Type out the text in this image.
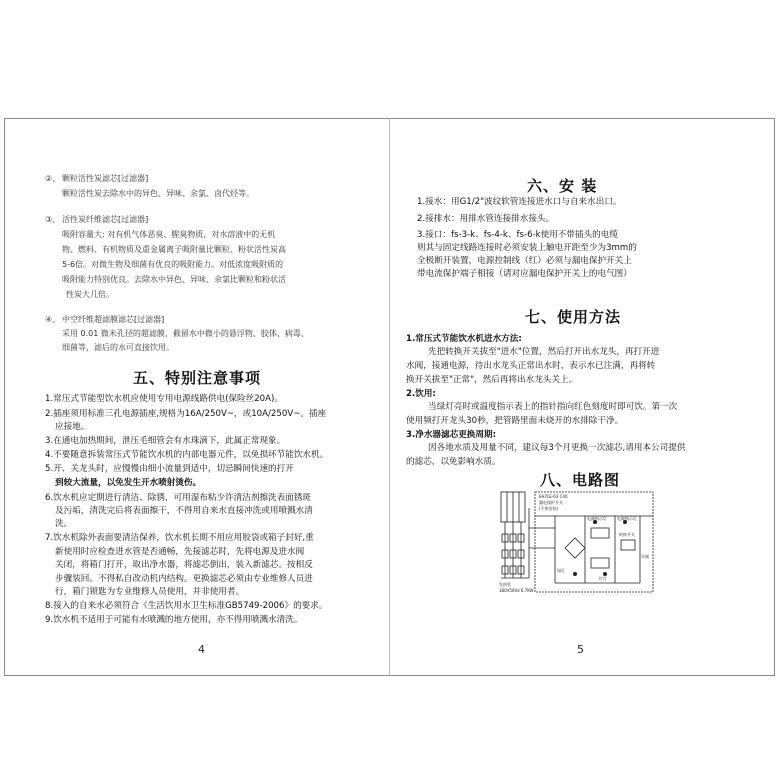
②、 颗粒活性炭滤芯[过滤器]
颗粒活性炭去除水中的异色、异味、余氯、卤代烃等。
③、 活性炭纤维滤芯[过滤器]
吸附容量大: 对有机气体恶臭、腥臭物质，对水溶液中的无机
物、燃料、有机物质及重金属离子吸附量比颗粒、粉状活性炭高
5-6倍。对微生物及细菌有优良的吸附能力。对低浓度吸附质的
吸附能力特别优良。去除水中异色、异味、余氯比颗粒和粉状活
性炭大几倍。
④、 中空纤维超滤膜滤芯[过滤器]
采用 0.01 微米孔径的超滤膜，截留水中微小的悬浮物、胶体、病毒、
细菌等，滤后的水可直接饮用。
五、特别注意事项
1.常压式节能型饮水机应使用专用电源线路供电(保险丝20A)。
2.插座须用标准三孔电源插座,规格为16A/250V~，或10A/250V~。插座
应接地。
3.在通电加热期间，泄压毛细管会有水珠滴下，此属正常现象。
4.不要随意拆装常压式节能饮水机的内部电器元件，以免损坏节能饮水机。
5.开、关龙头时，应慢慢由细小流量到适中，切忌瞬间快速的打开
到较大流量，以免发生开水喷射烫伤。
6.饮水机应定期进行清洁、除锈，可用湿布粘少许清洁剂擦洗表面锈斑
及污垢，清洗完后将表面擦干，不得用自来水直接冲洗或用喷溅水清
洗。
7.饮水机除外表面要清洁保养，饮水机长期不用应用胶袋或箱子封好,重
新使用时应检查进水管是否通畅，先接滤芯时，先将电源及进水阀
关闭，将箱门打开，取出净水器，将滤芯倒出，装入新滤芯。按相反
步骤装回。不得私自改动机内结构。更换滤芯必须由专业维修人员进
行，箱门锁匙为专业维修人员使用，并非使用者。
8.接入的自来水必须符合《生活饮用水卫生标准GB5749-2006》的要求。
9.饮水机不适用于可能有水喷溅的地方使用，亦不得用喷溅水清洗。
4
六、安 装
1.接水：用G1/2"波纹软管连接进水口与自来水出口。
2.接排水：用排水管连接排水接头。
3.接口：fs-3-k、fs-4-k、fs-6-k使用不带插头的电缆
则其与固定线路连接时必须安装上触电开距至少为3mm的
全极断开装置，电源控制线（红）必须与漏电保护开关上
带电流保护端子相接（请对应漏电保护开关上的电气图）
七、使用方法
1.常压式节能饮水机进水方法:
先把转换开关拔至"进水"位置，然后打开出水龙头，再打开进
水阀，接通电源，待出水龙头正常出水时，表示水已注满，再将转
换开关拔至"正常"，然后再将出水龙头关上。
2.饮用:
当绿灯亮时或温度指示表上的指针指向红色刻度时即可饮。第一次
使用频打开龙头30秒，把管路里面未烧开的水排除干净。
3.净水器滤芯更换周期:
因各地水质及用量不同，建议每3个月更换一次滤芯,请用本公司提供
的滤芯，以免影响水质。
八、电路图
EH7LE-63 C40
漏电保护开关
(不带安装)
电源指示灯	电源指示灯
转换开关
绿灯
红灯
水阀
发热管
380V50Hz 6.7KW
5
